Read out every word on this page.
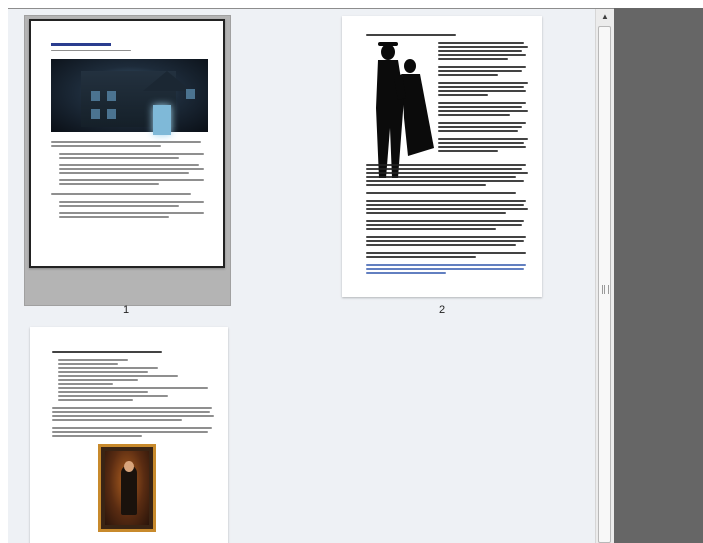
1	2
▲
